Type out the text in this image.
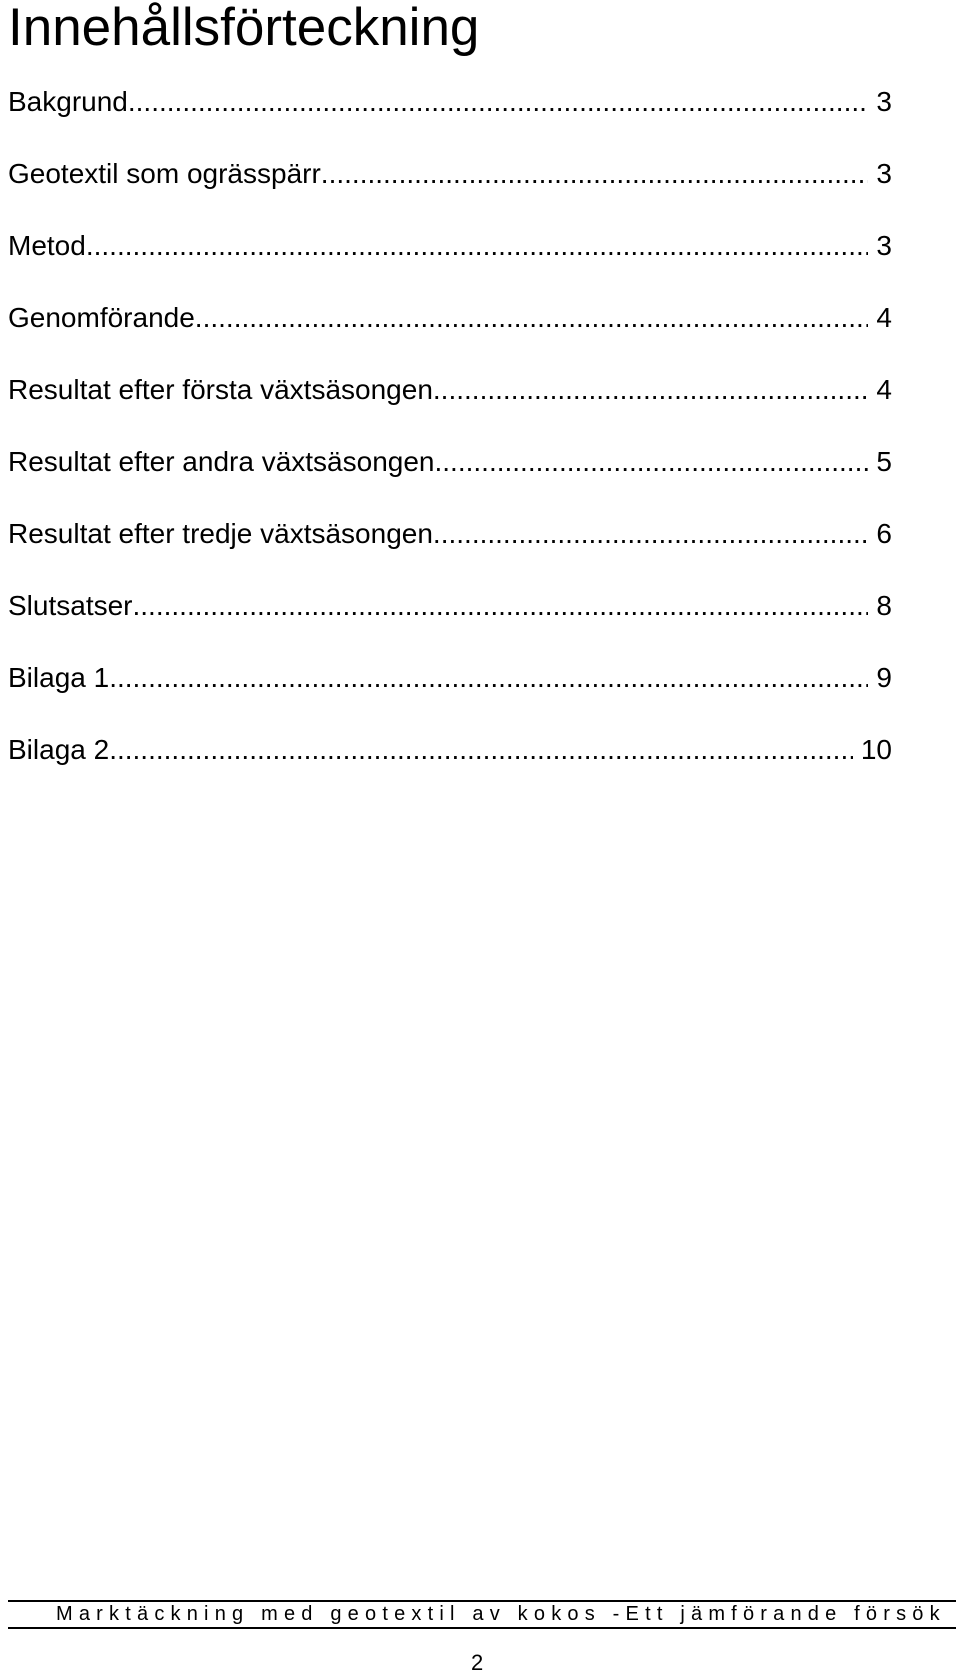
Innehållsförteckning
Bakgrund .....	3
Geotextil som ogrässpärr .....	3
Metod .....	3
Genomförande .....	4
Resultat efter första växtsäsongen .....	4
Resultat efter andra växtsäsongen .....	5
Resultat efter tredje växtsäsongen .....	6
Slutsatser .....	8
Bilaga 1 .....	9
Bilaga 2 .....	10

Marktäckning med geotextil av kokos -Ett jämförande försök

2
